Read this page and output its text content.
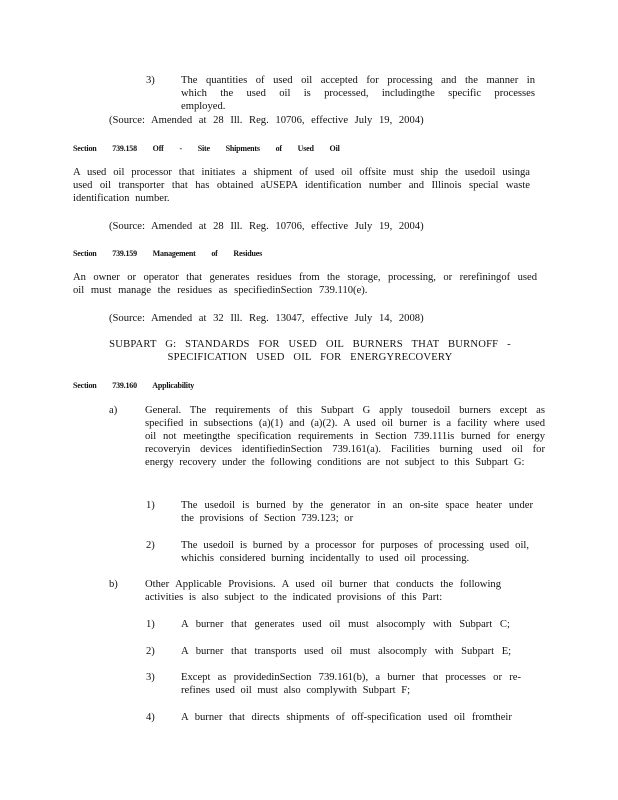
3) The quantities of used oil accepted for processing and the manner in which the used oil is processed, includingthe specific processes employed.

(Source: Amended at 28 Ill. Reg. 10706, effective July 19, 2004)
Section 739.158 Off - Site Shipments of Used Oil

A used oil processor that initiates a shipment of used oil offsite must ship the usedoil usinga used oil transporter that has obtained aUSEPA identification number and Illinois special waste identification number.

(Source: Amended at 28 Ill. Reg. 10706, effective July 19, 2004)
Section 739.159 Management of Residues

An owner or operator that generates residues from the storage, processing, or rerefiningof used oil must manage the residues as specifiedinSection 739.110(e).

(Source: Amended at 32 Ill. Reg. 13047, effective July 14, 2008)
SUBPART G: STANDARDS FOR USED OIL BURNERS THAT BURNOFF -
SPECIFICATION USED OIL FOR ENERGYRECOVERY
Section 739.160 Applicability
a)	General. The requirements of this Subpart G apply tousedoil burners except as specified in subsections (a)(1) and (a)(2). A used oil burner is a facility where used oil not meetingthe specification requirements in Section 739.111is burned for energy recoveryin devices identifiedinSection 739.161(a). Facilities burning used oil for energy recovery under the following conditions are not subject to this Subpart G:

1) The usedoil is burned by the generator in an on-site space heater under the provisions of Section 739.123; or

2) The usedoil is burned by a processor for purposes of processing used oil, whichis considered burning incidentally to used oil processing.

b)	Other Applicable Provisions. A used oil burner that conducts the following activities is also subject to the indicated provisions of this Part:

1) A burner that generates used oil must alsocomply with Subpart C;

2) A burner that transports used oil must alsocomply with Subpart E;

3) Except as providedinSection 739.161(b), a burner that processes or re-refines used oil must also complywith Subpart F;

4) A burner that directs shipments of off-specification used oil fromtheir
